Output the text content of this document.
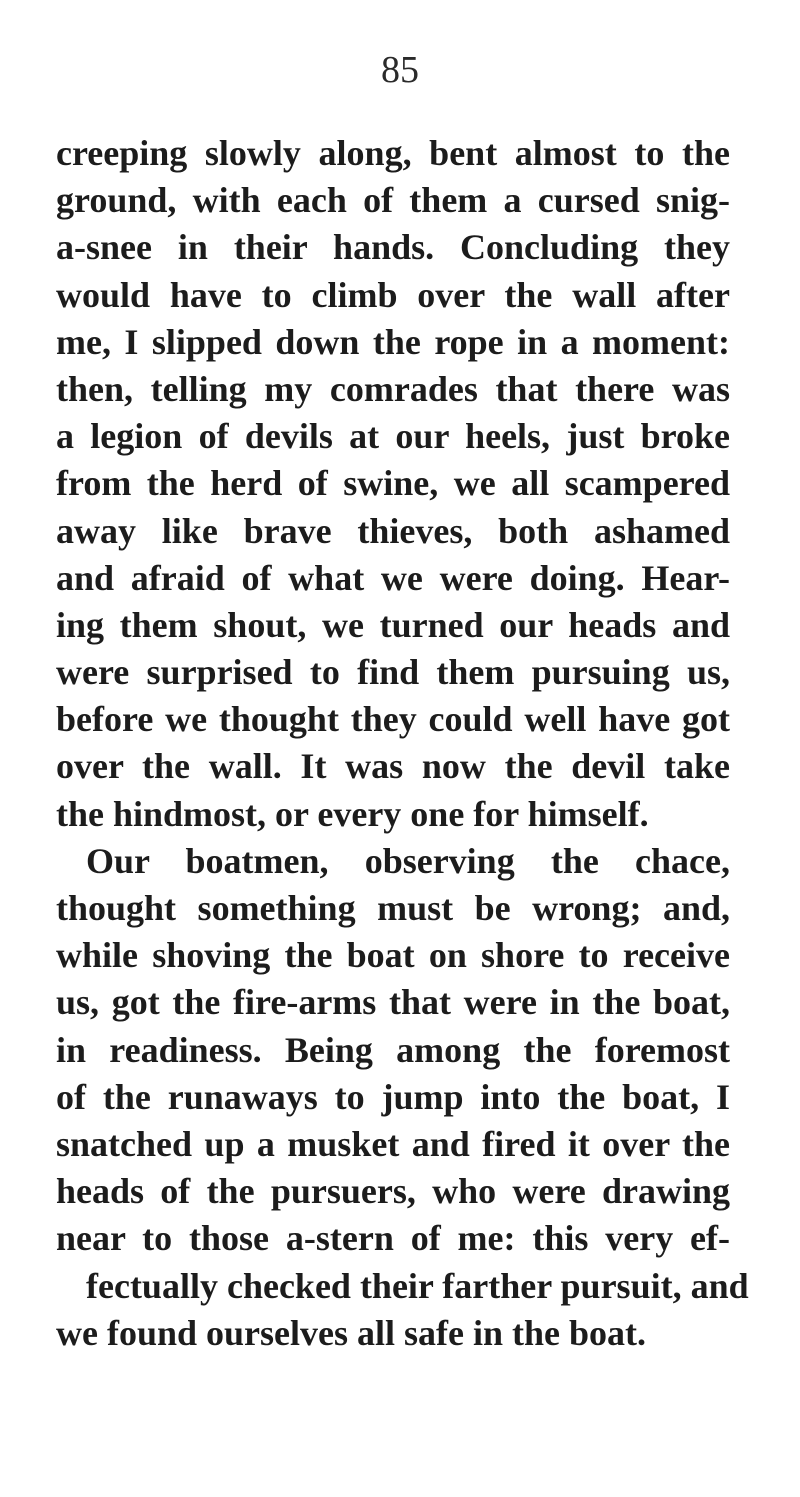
85
creeping slowly along, bent almost to the
ground, with each of them a cursed snig-
a-snee in their hands. Concluding they
would have to climb over the wall after
me, I slipped down the rope in a moment:
then, telling my comrades that there was
a legion of devils at our heels, just broke
from the herd of swine, we all scampered
away like brave thieves, both ashamed
and afraid of what we were doing. Hear-
ing them shout, we turned our heads and
were surprised to find them pursuing us,
before we thought they could well have got
over the wall. It was now the devil take
the hindmost, or every one for himself.
Our boatmen, observing the chace,
thought something must be wrong; and,
while shoving the boat on shore to receive
us, got the fire-arms that were in the boat,
in readiness. Being among the foremost
of the runaways to jump into the boat, I
snatched up a musket and fired it over the
heads of the pursuers, who were drawing
near to those a-stern of me: this very ef-
fectually checked their farther pursuit, and
we found ourselves all safe in the boat.
